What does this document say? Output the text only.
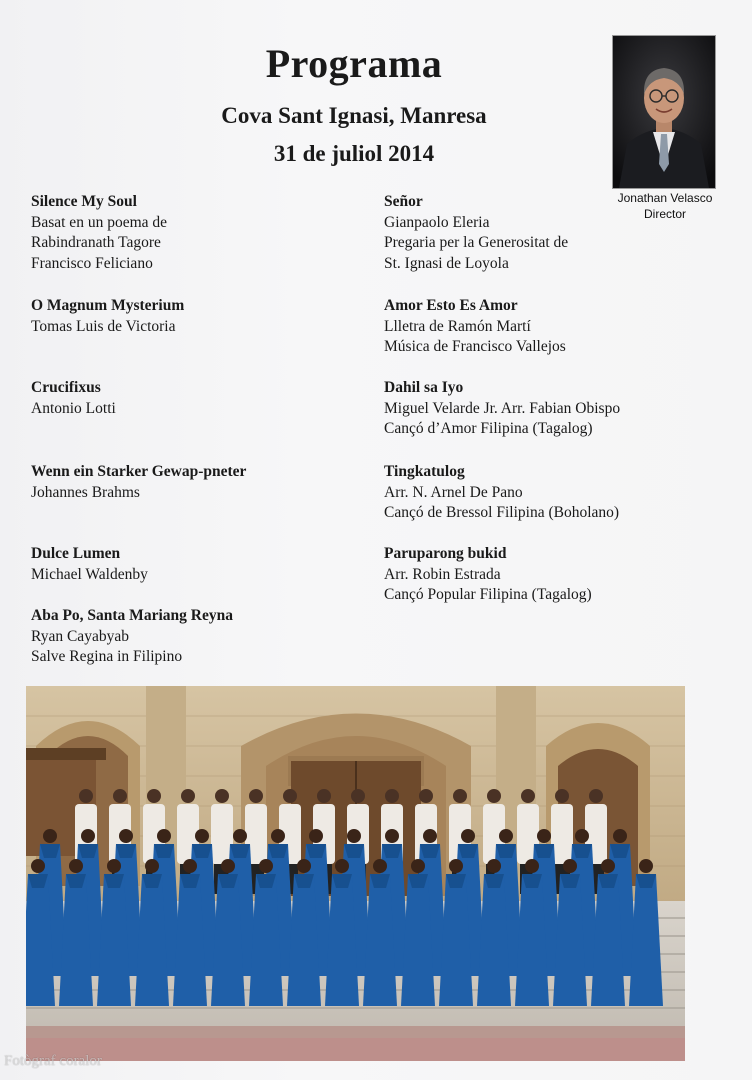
Programa
Cova Sant Ignasi, Manresa
31 de juliol 2014
Jonathan Velasco
Director
Silence My Soul
Basat en un poema de
Rabindranath Tagore
Francisco Feliciano
O Magnum Mysterium
Tomas Luis de Victoria
Crucifixus
Antonio Lotti
Wenn ein Starker Gewap-pneter
Johannes Brahms
Dulce Lumen
Michael Waldenby
Aba Po, Santa Mariang Reyna
Ryan Cayabyab
Salve Regina in Filipino
Señor
Gianpaolo Eleria
Pregaria per la Generositat de
St. Ignasi de Loyola
Amor Esto Es Amor
Llletra de Ramón Martí
Música de Francisco Vallejos
Dahil sa Iyo
Miguel Velarde Jr. Arr. Fabian Obispo
Cançó d’Amor Filipina (Tagalog)
Tingkatulog
Arr. N. Arnel De Pano
Cançó de Bressol Filipina (Boholano)
Paruparong bukid
Arr. Robin Estrada
Cançó Popular Filipina (Tagalog)
Fotògraf coralor
